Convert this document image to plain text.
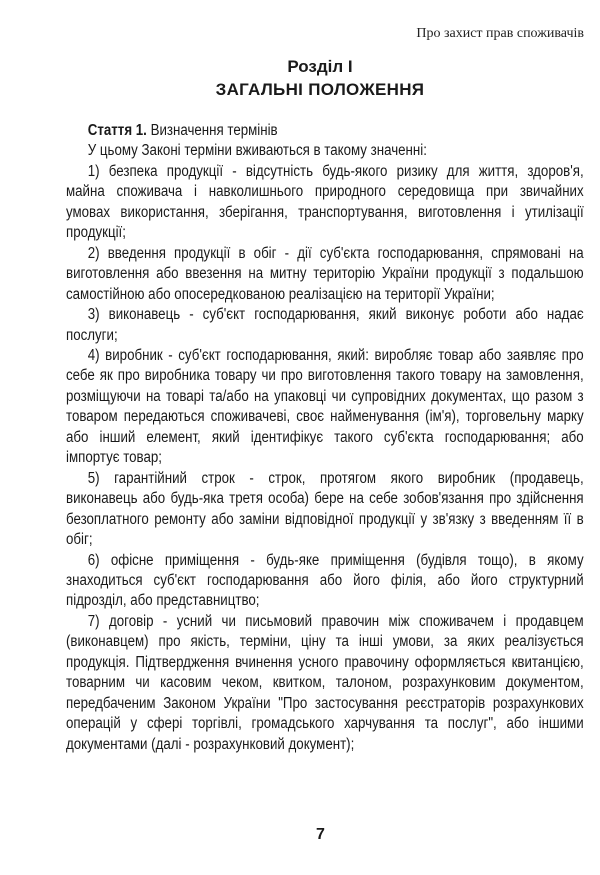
Про захист прав споживачів
Розділ I
ЗАГАЛЬНІ ПОЛОЖЕННЯ
Стаття 1. Визначення термінів
У цьому Законі терміни вживаються в такому значенні:
1) безпека продукції - відсутність будь-якого ризику для життя, здоров'я,
майна споживача і навколишнього природного середовища при звичайних
умовах використання, зберігання, транспортування, виготовлення і утилізації
продукції;
2) введення продукції в обіг - дії суб'єкта господарювання, спрямовані на
виготовлення або ввезення на митну територію України продукції з подальшою
самостійною або опосередкованою реалізацією на території України;
3) виконавець - суб'єкт господарювання, який виконує роботи або надає
послуги;
4) виробник - суб'єкт господарювання, який: виробляє товар або заявляє про
себе як про виробника товару чи про виготовлення такого товару на замовлення,
розміщуючи на товарі та/або на упаковці чи супровідних документах, що разом з
товаром передаються споживачеві, своє найменування (ім'я), торговельну марку
або інший елемент, який ідентифікує такого суб'єкта господарювання; або
імпортує товар;
5) гарантійний строк - строк, протягом якого виробник (продавець,
виконавець або будь-яка третя особа) бере на себе зобов'язання про здійснення
безоплатного ремонту або заміни відповідної продукції у зв'язку з введенням її в
обіг;
6) офісне приміщення - будь-яке приміщення (будівля тощо), в якому
знаходиться суб'єкт господарювання або його філія, або його структурний
підрозділ, або представництво;
7) договір - усний чи письмовий правочин між споживачем і продавцем
(виконавцем) про якість, терміни, ціну та інші умови, за яких реалізується
продукція. Підтвердження вчинення усного правочину оформляється квитанцією,
товарним чи касовим чеком, квитком, талоном, розрахунковим документом,
передбаченим Законом України "Про застосування реєстраторів розрахункових
операцій у сфері торгівлі, громадського харчування та послуг", або іншими
документами (далі - розрахунковий документ);
7
